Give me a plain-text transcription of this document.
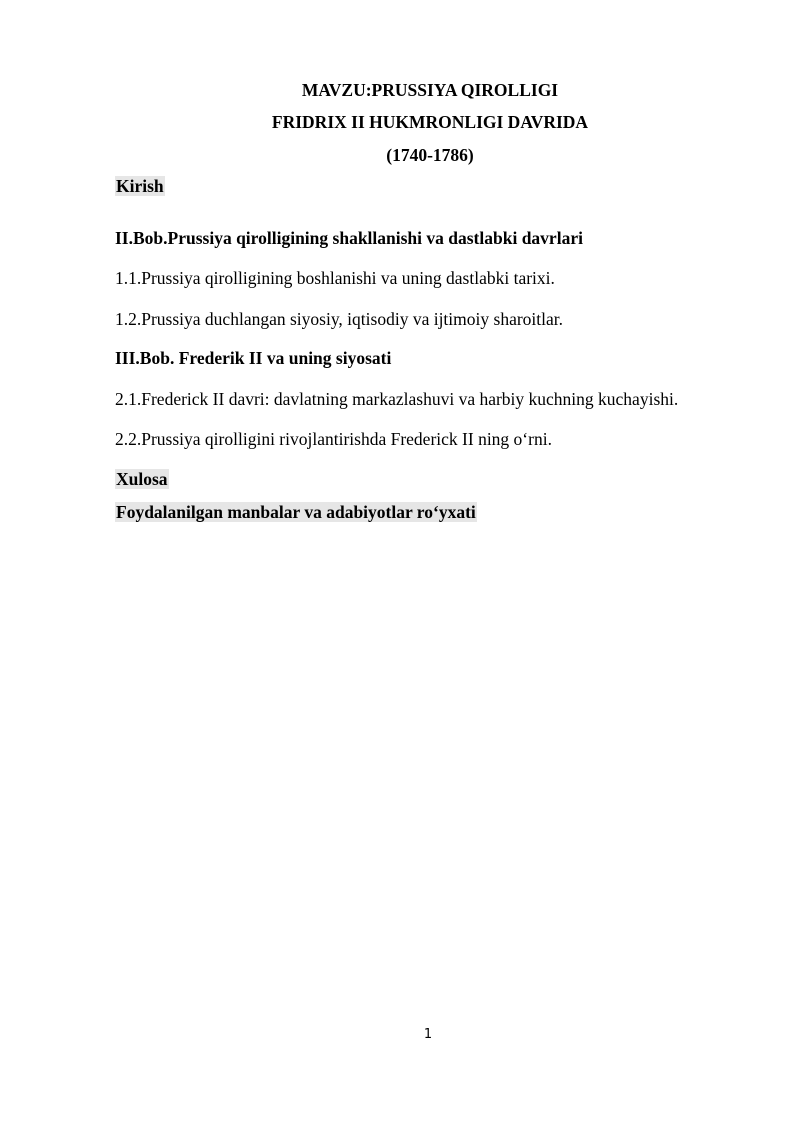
MAVZU:PRUSSIYA QIROLLIGI
FRIDRIX II HUKMRONLIGI DAVRIDA
(1740-1786)
Kirish
II.Bob.Prussiya qirolligining shakllanishi va dastlabki davrlari
1.1.Prussiya qirolligining boshlanishi va uning dastlabki tarixi.
1.2.Prussiya duchlangan siyosiy, iqtisodiy va ijtimoiy sharoitlar.
III.Bob. Frederik II va uning siyosati
2.1.Frederick II davri: davlatning markazlashuvi va harbiy kuchning kuchayishi.
2.2.Prussiya qirolligini rivojlantirishda Frederick II ning o‘rni.
Xulosa
Foydalanilgan manbalar va adabiyotlar ro‘yxati
1
